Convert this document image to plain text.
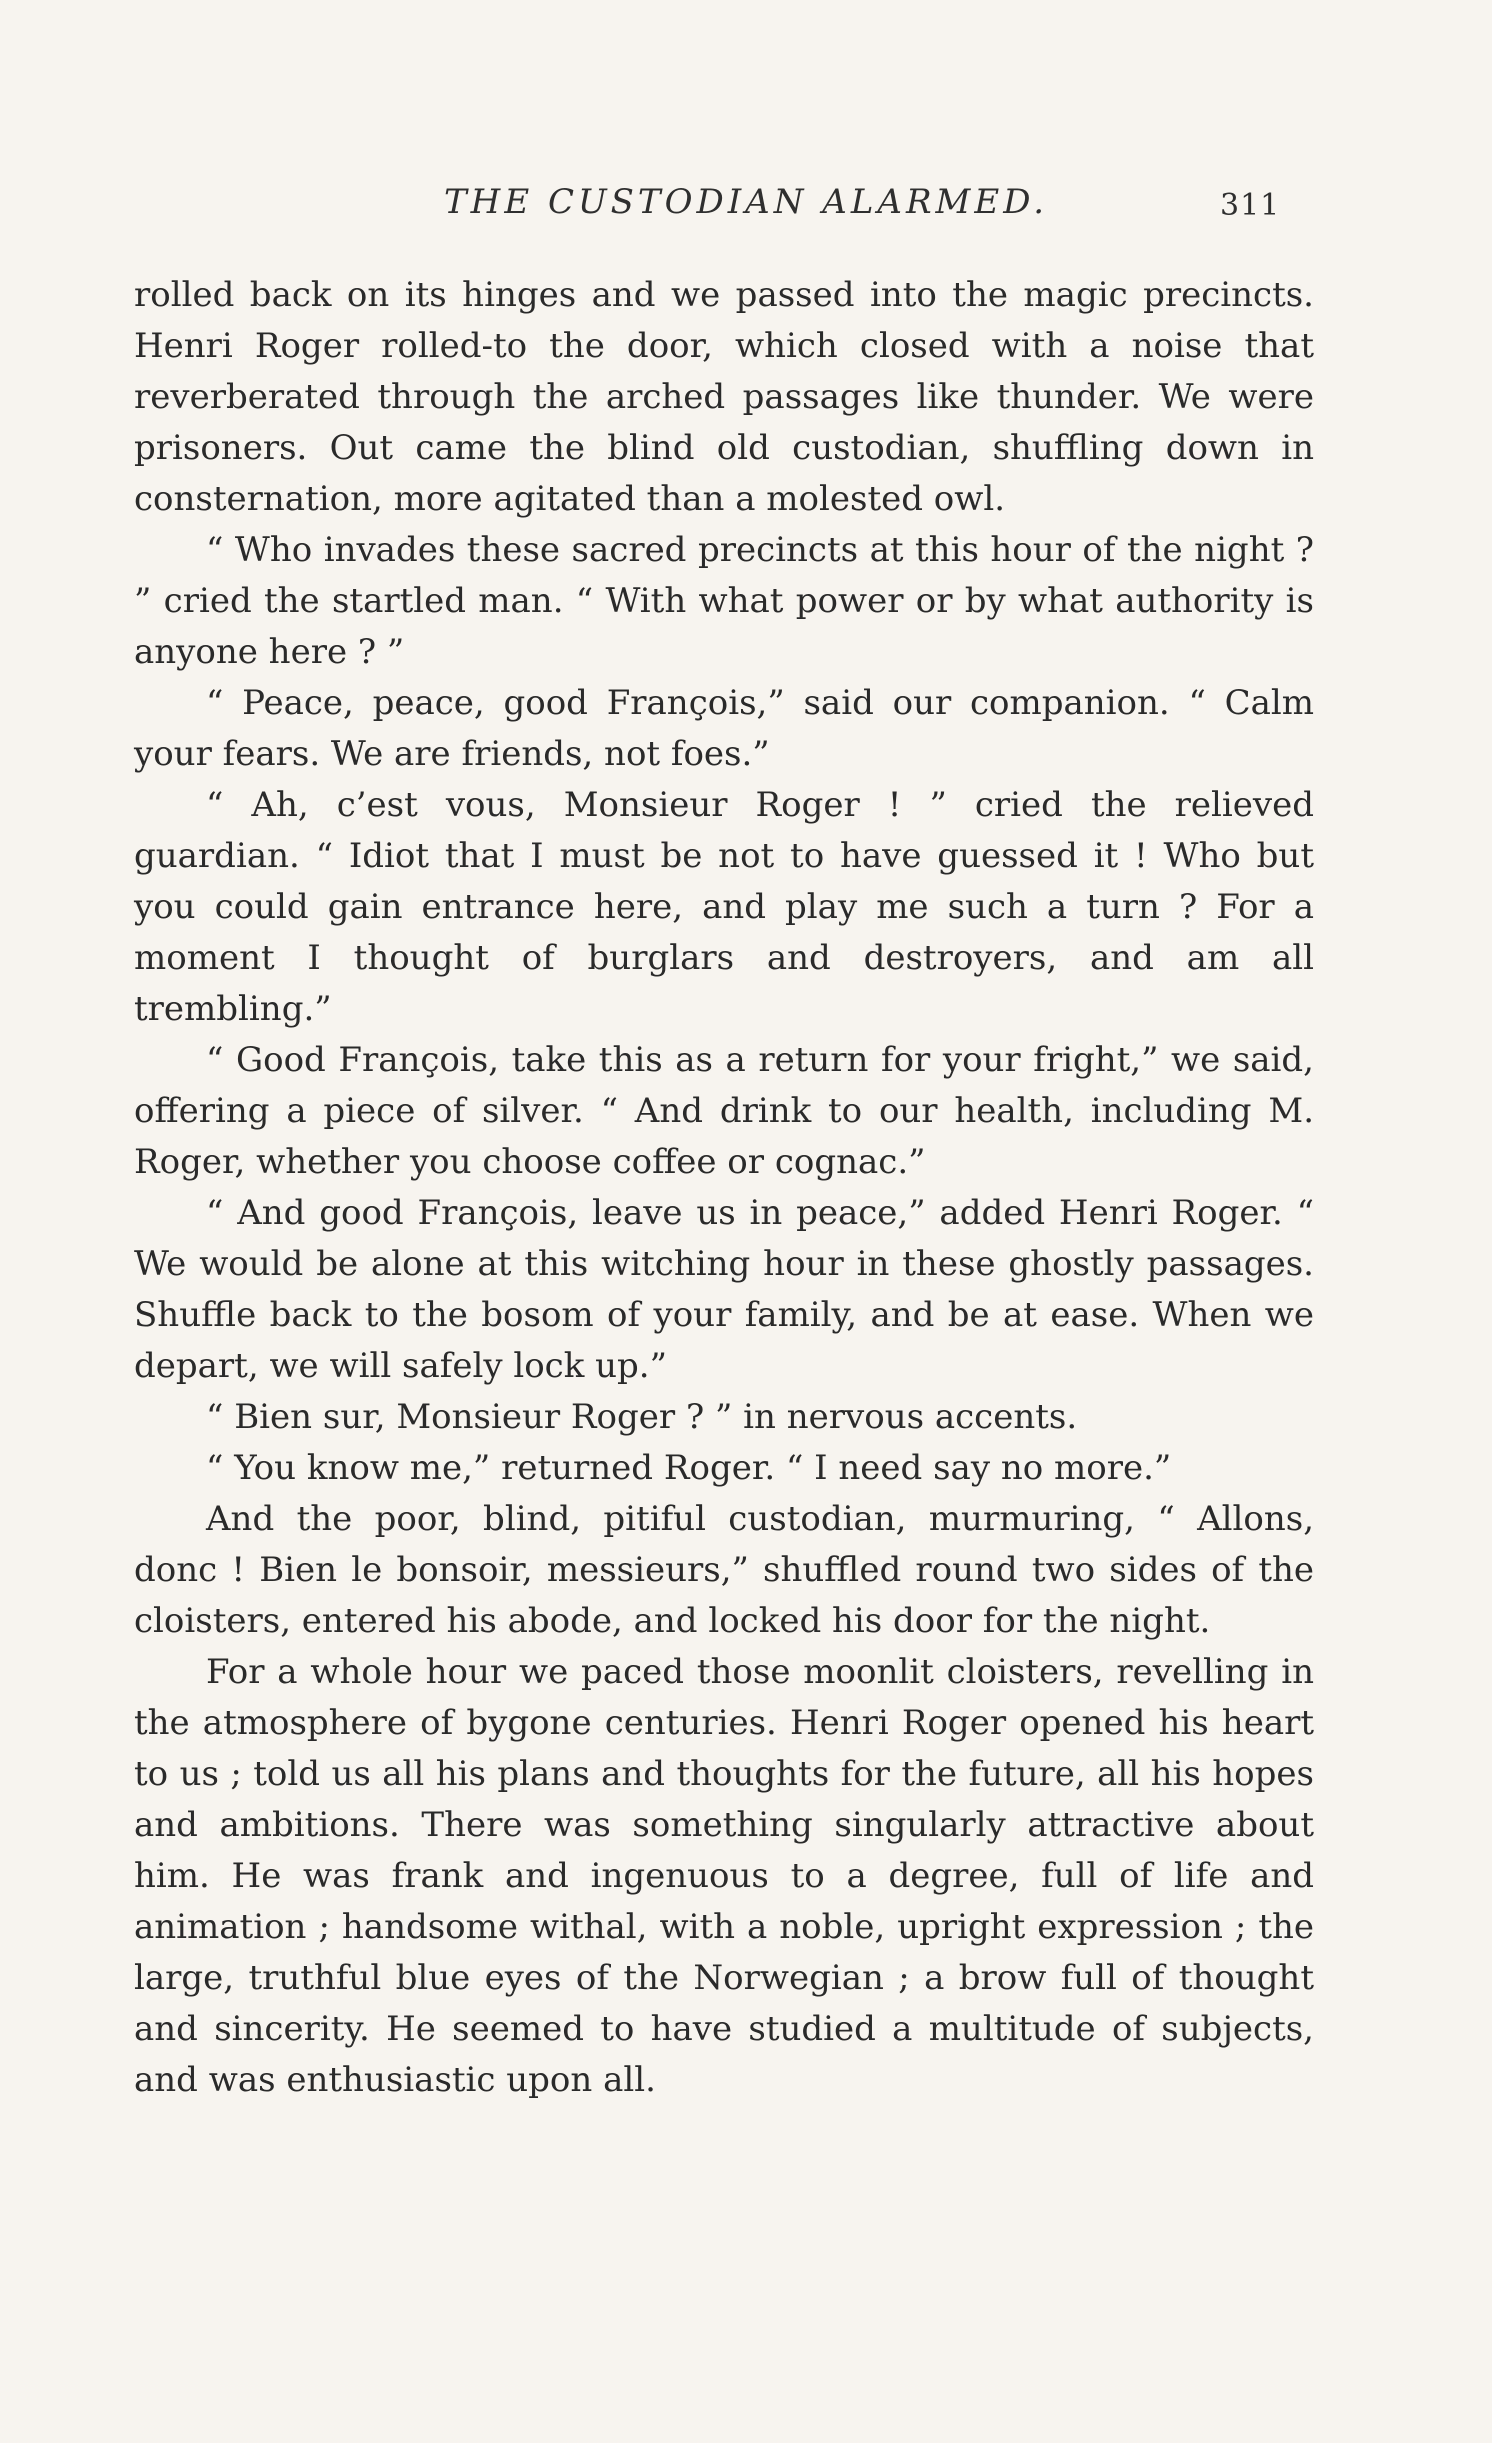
THE CUSTODIAN ALARMED.	311

rolled back on its hinges and we passed into the magic precincts. Henri Roger rolled-to the door, which closed with a noise that reverberated through the arched passages like thunder. We were prisoners. Out came the blind old custodian, shuffling down in consternation, more agitated than a molested owl.

“ Who invades these sacred precincts at this hour of the night ? ” cried the startled man. “ With what power or by what authority is anyone here ? ”

“ Peace, peace, good François,” said our companion. “ Calm your fears. We are friends, not foes.”

“ Ah, c’est vous, Monsieur Roger ! ” cried the relieved guardian. “ Idiot that I must be not to have guessed it ! Who but you could gain entrance here, and play me such a turn ? For a moment I thought of burglars and destroyers, and am all trembling.”

“ Good François, take this as a return for your fright,” we said, offering a piece of silver. “ And drink to our health, including M. Roger, whether you choose coffee or cognac.”

“ And good François, leave us in peace,” added Henri Roger. “ We would be alone at this witching hour in these ghostly passages. Shuffle back to the bosom of your family, and be at ease. When we depart, we will safely lock up.”

“ Bien sur, Monsieur Roger ? ” in nervous accents.

“ You know me,” returned Roger. “ I need say no more.”

And the poor, blind, pitiful custodian, murmuring, “ Allons, donc ! Bien le bonsoir, messieurs,” shuffled round two sides of the cloisters, entered his abode, and locked his door for the night.

For a whole hour we paced those moonlit cloisters, revelling in the atmosphere of bygone centuries. Henri Roger opened his heart to us ; told us all his plans and thoughts for the future, all his hopes and ambitions. There was something singularly attractive about him. He was frank and ingenuous to a degree, full of life and animation ; handsome withal, with a noble, upright expression ; the large, truthful blue eyes of the Norwegian ; a brow full of thought and sincerity. He seemed to have studied a multitude of subjects, and was enthusiastic upon all.
